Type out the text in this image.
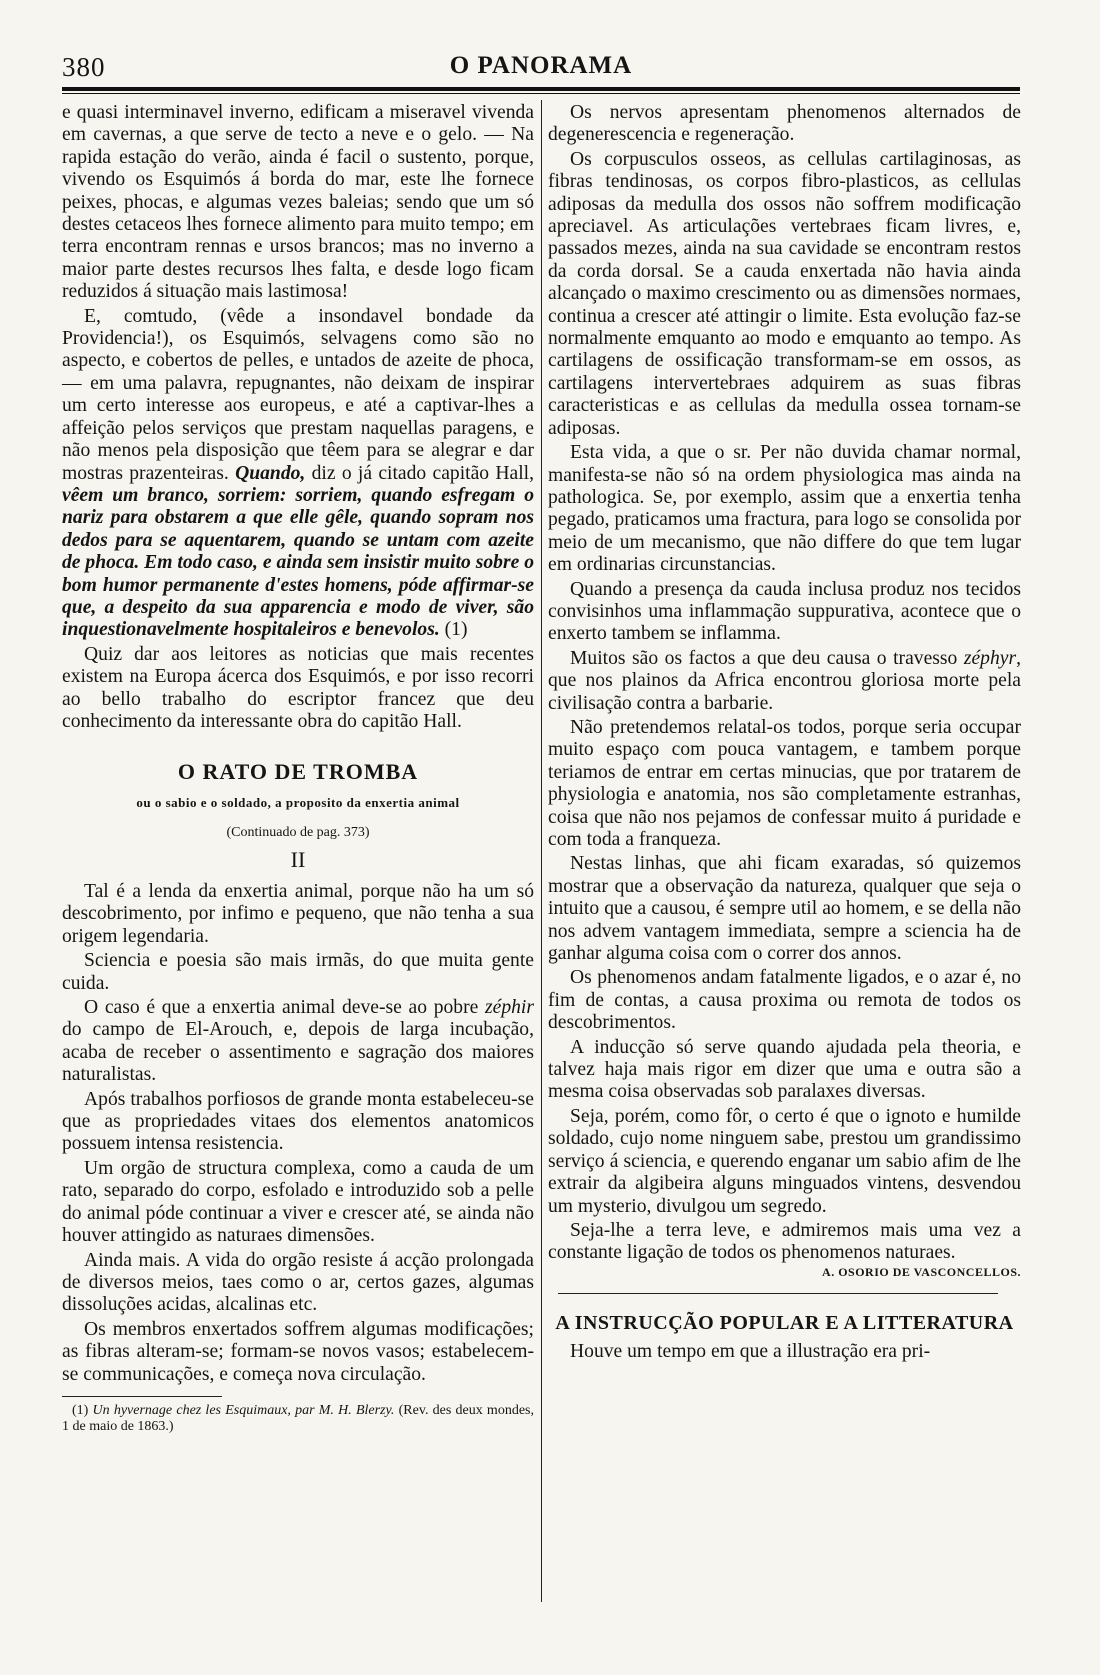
380	O PANORAMA

e quasi interminavel inverno, edificam a miseravel vivenda em cavernas, a que serve de tecto a neve e o gelo. — Na rapida estação do verão, ainda é facil o sustento, porque, vivendo os Esquimós á borda do mar, este lhe fornece peixes, phocas, e algumas vezes baleias; sendo que um só destes cetaceos lhes fornece alimento para muito tempo; em terra encontram rennas e ursos brancos; mas no inverno a maior parte destes recursos lhes falta, e desde logo ficam reduzidos á situação mais lastimosa!

E, comtudo, (vêde a insondavel bondade da Providencia!), os Esquimós, selvagens como são no aspecto, e cobertos de pelles, e untados de azeite de phoca, — em uma palavra, repugnantes, não deixam de inspirar um certo interesse aos europeus, e até a captivar-lhes a affeição pelos serviços que prestam naquellas paragens, e não menos pela disposição que têem para se alegrar e dar mostras prazenteiras. Quando, diz o já citado capitão Hall, vêem um branco, sorriem: sorriem, quando esfregam o nariz para obstarem a que elle gêle, quando sopram nos dedos para se aquentarem, quando se untam com azeite de phoca. Em todo caso, e ainda sem insistir muito sobre o bom humor permanente d'estes homens, póde affirmar-se que, a despeito da sua apparencia e modo de viver, são inquestionavelmente hospitaleiros e benevolos. (1)

Quiz dar aos leitores as noticias que mais recentes existem na Europa ácerca dos Esquimós, e por isso recorri ao bello trabalho do escriptor francez que deu conhecimento da interessante obra do capitão Hall.

O RATO DE TROMBA
ou o sabio e o soldado, a proposito da enxertia animal
(Continuado de pag. 373)
II

Tal é a lenda da enxertia animal, porque não ha um só descobrimento, por infimo e pequeno, que não tenha a sua origem legendaria.

Sciencia e poesia são mais irmãs, do que muita gente cuida.

O caso é que a enxertia animal deve-se ao pobre zéphir do campo de El-Arouch, e, depois de larga incubação, acaba de receber o assentimento e sagração dos maiores naturalistas.

Após trabalhos porfiosos de grande monta estabeleceu-se que as propriedades vitaes dos elementos anatomicos possuem intensa resistencia.

Um orgão de structura complexa, como a cauda de um rato, separado do corpo, esfolado e introduzido sob a pelle do animal póde continuar a viver e crescer até, se ainda não houver attingido as naturaes dimensões.

Ainda mais. A vida do orgão resiste á acção prolongada de diversos meios, taes como o ar, certos gazes, algumas dissoluções acidas, alcalinas etc.

Os membros enxertados soffrem algumas modificações; as fibras alteram-se; formam-se novos vasos; estabelecem-se communicações, e começa nova circulação.

(1) Un hyvernage chez les Esquimaux, par M. H. Blerzy. (Rev. des deux mondes, 1 de maio de 1863.)

Os nervos apresentam phenomenos alternados de degenerescencia e regeneração.

Os corpusculos osseos, as cellulas cartilaginosas, as fibras tendinosas, os corpos fibro-plasticos, as cellulas adiposas da medulla dos ossos não soffrem modificação apreciavel. As articulações vertebraes ficam livres, e, passados mezes, ainda na sua cavidade se encontram restos da corda dorsal. Se a cauda enxertada não havia ainda alcançado o maximo crescimento ou as dimensões normaes, continua a crescer até attingir o limite. Esta evolução faz-se normalmente emquanto ao modo e emquanto ao tempo. As cartilagens de ossificação transformam-se em ossos, as cartilagens intervertebraes adquirem as suas fibras caracteristicas e as cellulas da medulla ossea tornam-se adiposas.

Esta vida, a que o sr. Per não duvida chamar normal, manifesta-se não só na ordem physiologica mas ainda na pathologica. Se, por exemplo, assim que a enxertia tenha pegado, praticamos uma fractura, para logo se consolida por meio de um mecanismo, que não differe do que tem lugar em ordinarias circunstancias.

Quando a presença da cauda inclusa produz nos tecidos convisinhos uma inflammação suppurativa, acontece que o enxerto tambem se inflamma.

Muitos são os factos a que deu causa o travesso zéphyr, que nos plainos da Africa encontrou gloriosa morte pela civilisação contra a barbarie.

Não pretendemos relatal-os todos, porque seria occupar muito espaço com pouca vantagem, e tambem porque teriamos de entrar em certas minucias, que por tratarem de physiologia e anatomia, nos são completamente estranhas, coisa que não nos pejamos de confessar muito á puridade e com toda a franqueza.

Nestas linhas, que ahi ficam exaradas, só quizemos mostrar que a observação da natureza, qualquer que seja o intuito que a causou, é sempre util ao homem, e se della não nos advem vantagem immediata, sempre a sciencia ha de ganhar alguma coisa com o correr dos annos.

Os phenomenos andam fatalmente ligados, e o azar é, no fim de contas, a causa proxima ou remota de todos os descobrimentos.

A inducção só serve quando ajudada pela theoria, e talvez haja mais rigor em dizer que uma e outra são a mesma coisa observadas sob paralaxes diversas.

Seja, porém, como fôr, o certo é que o ignoto e humilde soldado, cujo nome ninguem sabe, prestou um grandissimo serviço á sciencia, e querendo enganar um sabio afim de lhe extrair da algibeira alguns minguados vintens, desvendou um mysterio, divulgou um segredo.

Seja-lhe a terra leve, e admiremos mais uma vez a constante ligação de todos os phenomenos naturaes.

A. OSORIO DE VASCONCELLOS.
A INSTRUCÇÃO POPULAR E A LITTERATURA

Houve um tempo em que a illustração era pri-
